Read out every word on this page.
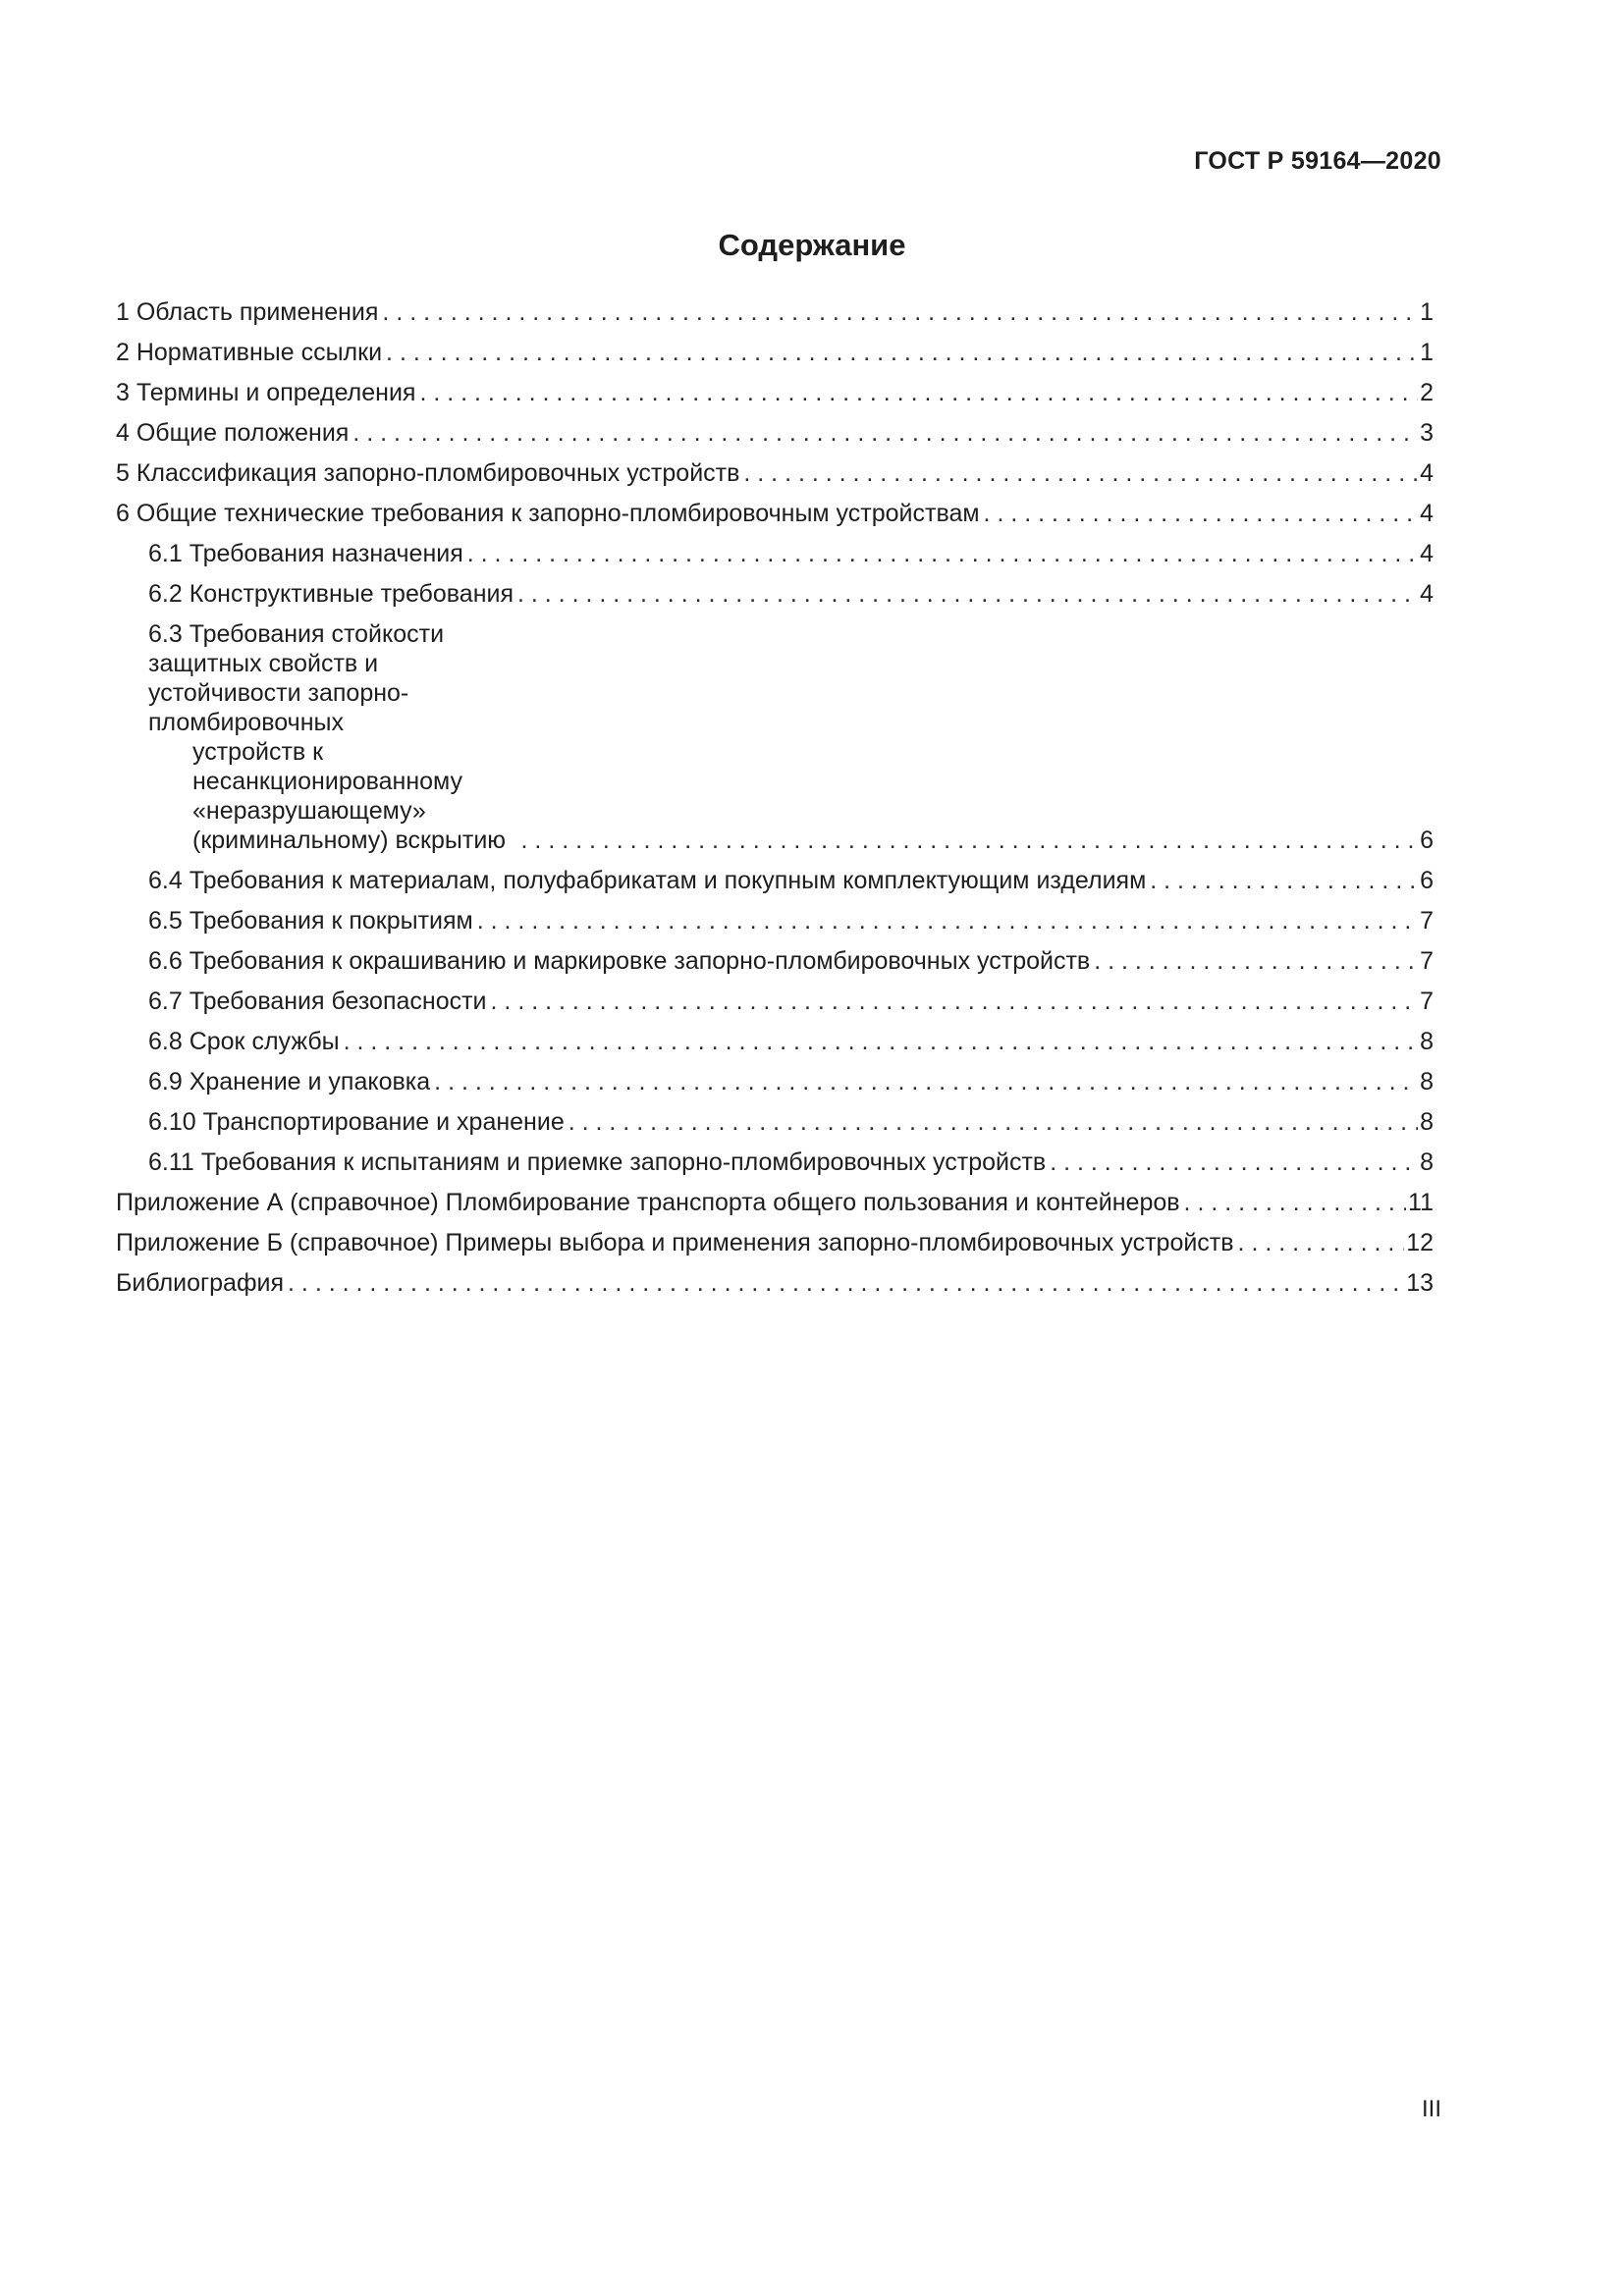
ГОСТ Р 59164—2020
Содержание
1 Область применения . . .	1
2 Нормативные ссылки . . .	1
3 Термины и определения . . .	2
4 Общие положения . . .	3
5 Классификация запорно-пломбировочных устройств . . .	4
6 Общие технические требования к запорно-пломбировочным устройствам . . .	4
6.1 Требования назначения . . .	4
6.2 Конструктивные требования . . .	4
6.3 Требования стойкости защитных свойств и устойчивости запорно-пломбировочных
устройств к несанкционированному «неразрушающему» (криминальному) вскрытию . . .	6
6.4 Требования к материалам, полуфабрикатам и покупным комплектующим изделиям . . .	6
6.5 Требования к покрытиям . . .	7
6.6 Требования к окрашиванию и маркировке запорно-пломбировочных устройств . . .	7
6.7 Требования безопасности . . .	7
6.8 Срок службы . . .	8
6.9 Хранение и упаковка . . .	8
6.10 Транспортирование и хранение . . .	8
6.11 Требования к испытаниям и приемке запорно-пломбировочных устройств . . .	8
Приложение А (справочное) Пломбирование транспорта общего пользования и контейнеров . . .	11
Приложение Б (справочное) Примеры выбора и применения запорно-пломбировочных устройств . . .	12
Библиография . . .	13
III
